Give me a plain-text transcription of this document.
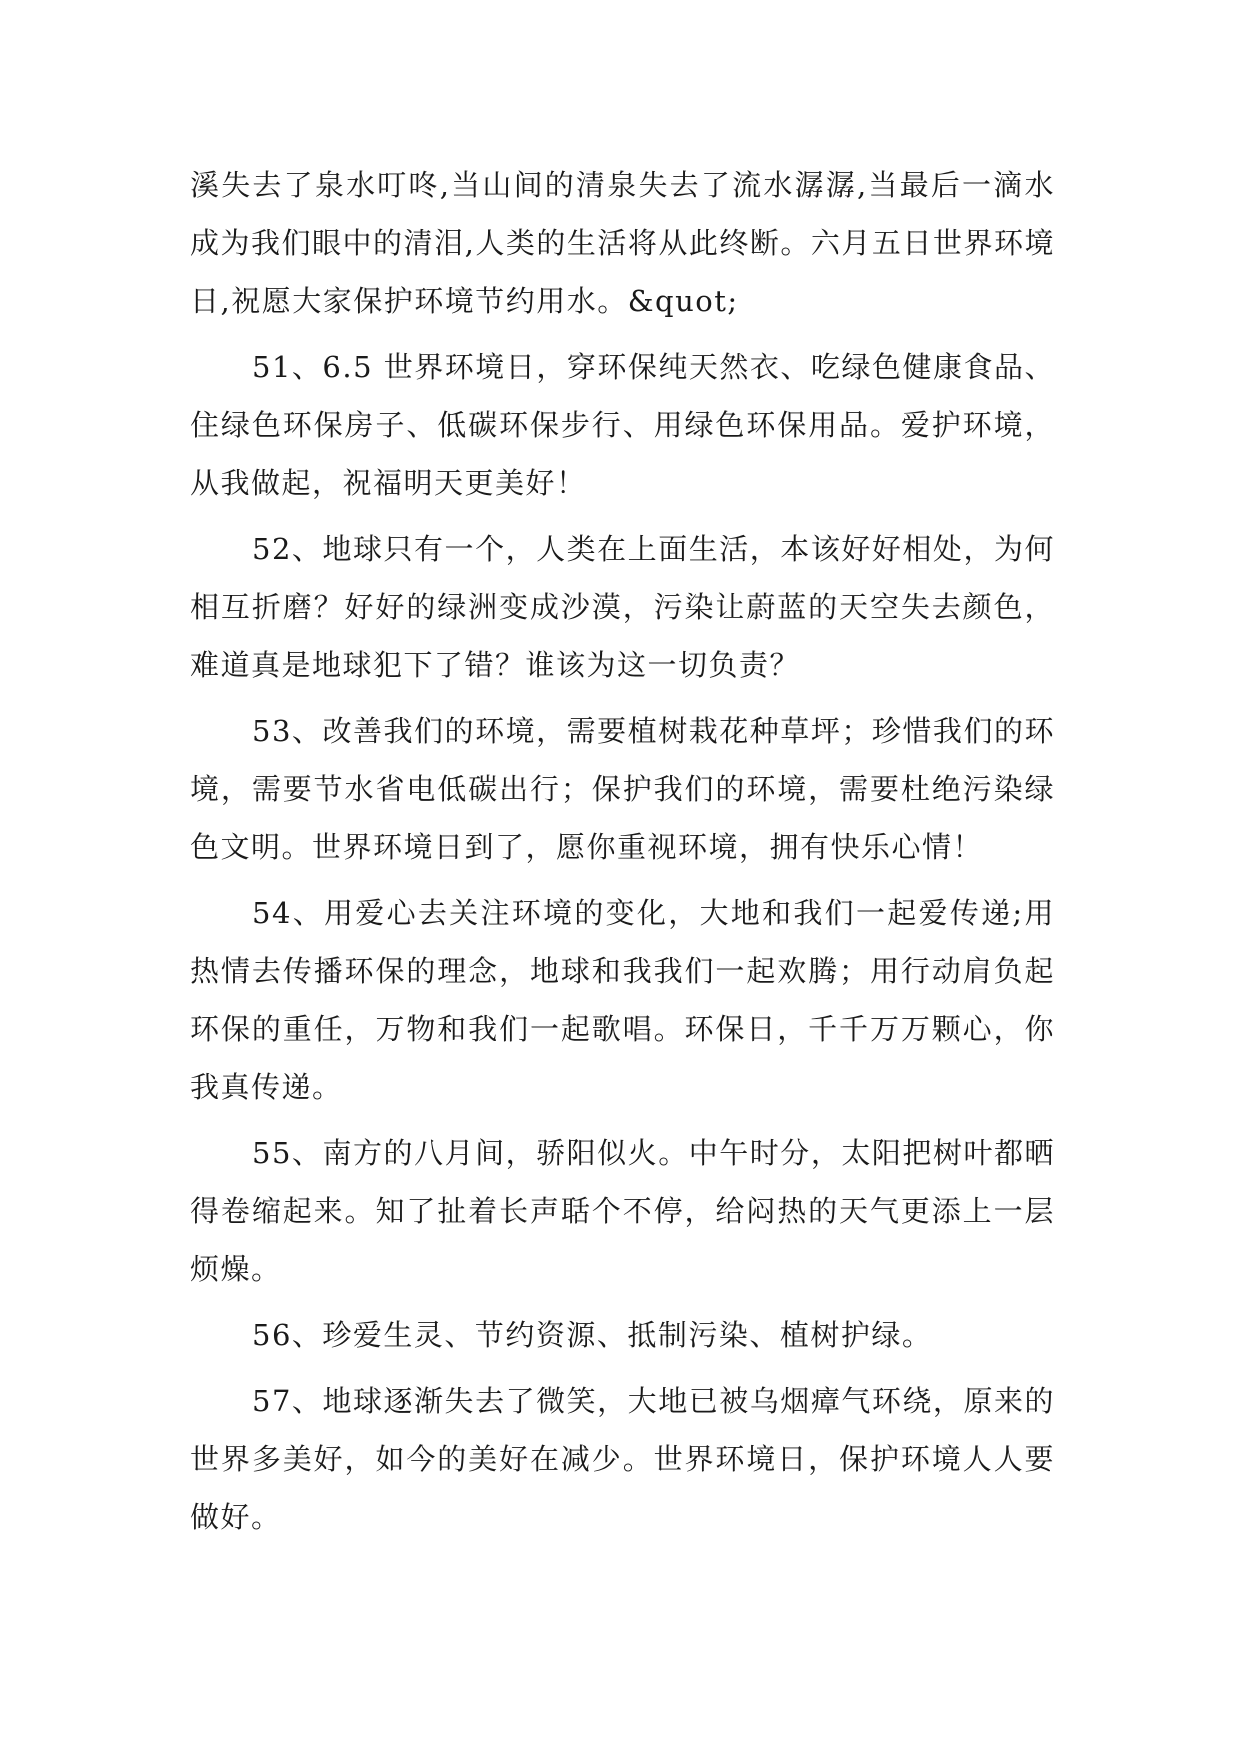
溪失去了泉水叮咚,当山间的清泉失去了流水潺潺,当最后一滴水成为我们眼中的清泪,人类的生活将从此终断。六月五日世界环境日,祝愿大家保护环境节约用水。&quot;

51、6.5 世界环境日，穿环保纯天然衣、吃绿色健康食品、住绿色环保房子、低碳环保步行、用绿色环保用品。爱护环境，从我做起，祝福明天更美好！

52、地球只有一个，人类在上面生活，本该好好相处，为何相互折磨？好好的绿洲变成沙漠，污染让蔚蓝的天空失去颜色，难道真是地球犯下了错？谁该为这一切负责？

53、改善我们的环境，需要植树栽花种草坪；珍惜我们的环境，需要节水省电低碳出行；保护我们的环境，需要杜绝污染绿色文明。世界环境日到了，愿你重视环境，拥有快乐心情！

54、用爱心去关注环境的变化，大地和我们一起爱传递;用热情去传播环保的理念，地球和我我们一起欢腾；用行动肩负起环保的重任，万物和我们一起歌唱。环保日，千千万万颗心，你我真传递。

55、南方的八月间，骄阳似火。中午时分，太阳把树叶都晒得卷缩起来。知了扯着长声聒个不停，给闷热的天气更添上一层烦燥。

56、珍爱生灵、节约资源、抵制污染、植树护绿。

57、地球逐渐失去了微笑，大地已被乌烟瘴气环绕，原来的世界多美好，如今的美好在减少。世界环境日，保护环境人人要做好。
